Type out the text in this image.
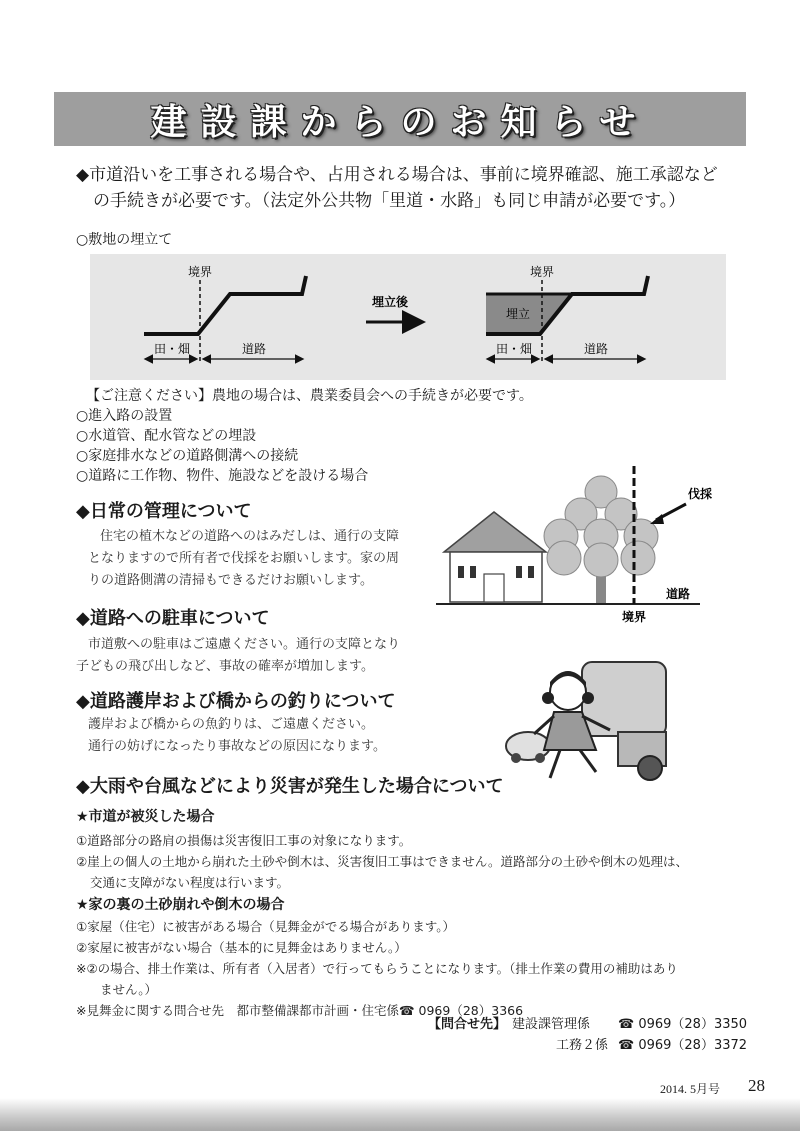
建設課からのお知らせ
◆市道沿いを工事される場合や、占用される場合は、事前に境界確認、施工承認など
の手続きが必要です。（法定外公共物「里道・水路」も同じ申請が必要です。）
○敷地の埋立て
境界
田・畑	道路
埋立後
境界
埋立
田・畑	道路
【ご注意ください】農地の場合は、農業委員会への手続きが必要です。
○進入路の設置
○水道管、配水管などの埋設
○家庭排水などの道路側溝への接続
○道路に工作物、物件、施設などを設ける場合
◆日常の管理について
住宅の植木などの道路へのはみだしは、通行の支障
となりますので所有者で伐採をお願いします。家の周
りの道路側溝の清掃もできるだけお願いします。
伐採
道路
境界
◆道路への駐車について
市道敷への駐車はご遠慮ください。通行の支障となり
子どもの飛び出しなど、事故の確率が増加します。
◆道路護岸および橋からの釣りについて
護岸および橋からの魚釣りは、ご遠慮ください。
通行の妨げになったり事故などの原因になります。
◆大雨や台風などにより災害が発生した場合について
★市道が被災した場合
①道路部分の路肩の損傷は災害復旧工事の対象になります。
②崖上の個人の土地から崩れた土砂や倒木は、災害復旧工事はできません。道路部分の土砂や倒木の処理は、
交通に支障がない程度は行います。
★家の裏の土砂崩れや倒木の場合
①家屋（住宅）に被害がある場合（見舞金がでる場合があります。）
②家屋に被害がない場合（基本的に見舞金はありません。）
※②の場合、排土作業は、所有者（入居者）で行ってもらうことになります。（排土作業の費用の補助はあり
ません。）
※見舞金に関する問合せ先　都市整備課都市計画・住宅係☎ 0969（28）3366
【問合せ先】 建設課管理係	☎ 0969（28）3350
工務２係 ☎ 0969（28）3372
2014. 5月号 28
